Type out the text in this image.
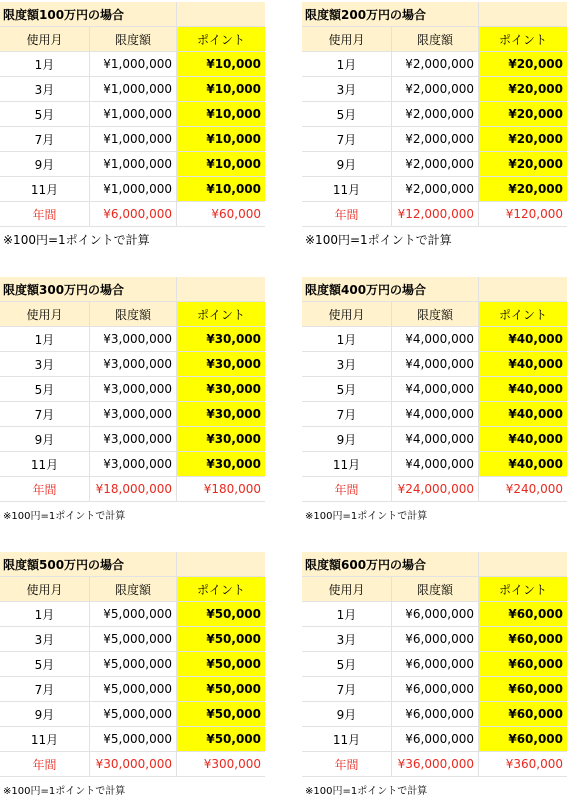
限度額100万円の場合
使用月	限度額	ポイント
1月	¥1,000,000	¥10,000
3月	¥1,000,000	¥10,000
5月	¥1,000,000	¥10,000
7月	¥1,000,000	¥10,000
9月	¥1,000,000	¥10,000
11月	¥1,000,000	¥10,000
年間	¥6,000,000	¥60,000
※100円=1ポイントで計算
限度額200万円の場合
使用月	限度額	ポイント
1月	¥2,000,000	¥20,000
3月	¥2,000,000	¥20,000
5月	¥2,000,000	¥20,000
7月	¥2,000,000	¥20,000
9月	¥2,000,000	¥20,000
11月	¥2,000,000	¥20,000
年間	¥12,000,000	¥120,000
※100円=1ポイントで計算
限度額300万円の場合
使用月	限度額	ポイント
1月	¥3,000,000	¥30,000
3月	¥3,000,000	¥30,000
5月	¥3,000,000	¥30,000
7月	¥3,000,000	¥30,000
9月	¥3,000,000	¥30,000
11月	¥3,000,000	¥30,000
年間	¥18,000,000	¥180,000
※100円=1ポイントで計算
限度額400万円の場合
使用月	限度額	ポイント
1月	¥4,000,000	¥40,000
3月	¥4,000,000	¥40,000
5月	¥4,000,000	¥40,000
7月	¥4,000,000	¥40,000
9月	¥4,000,000	¥40,000
11月	¥4,000,000	¥40,000
年間	¥24,000,000	¥240,000
※100円=1ポイントで計算
限度額500万円の場合
使用月	限度額	ポイント
1月	¥5,000,000	¥50,000
3月	¥5,000,000	¥50,000
5月	¥5,000,000	¥50,000
7月	¥5,000,000	¥50,000
9月	¥5,000,000	¥50,000
11月	¥5,000,000	¥50,000
年間	¥30,000,000	¥300,000
※100円=1ポイントで計算
限度額600万円の場合
使用月	限度額	ポイント
1月	¥6,000,000	¥60,000
3月	¥6,000,000	¥60,000
5月	¥6,000,000	¥60,000
7月	¥6,000,000	¥60,000
9月	¥6,000,000	¥60,000
11月	¥6,000,000	¥60,000
年間	¥36,000,000	¥360,000
※100円=1ポイントで計算
